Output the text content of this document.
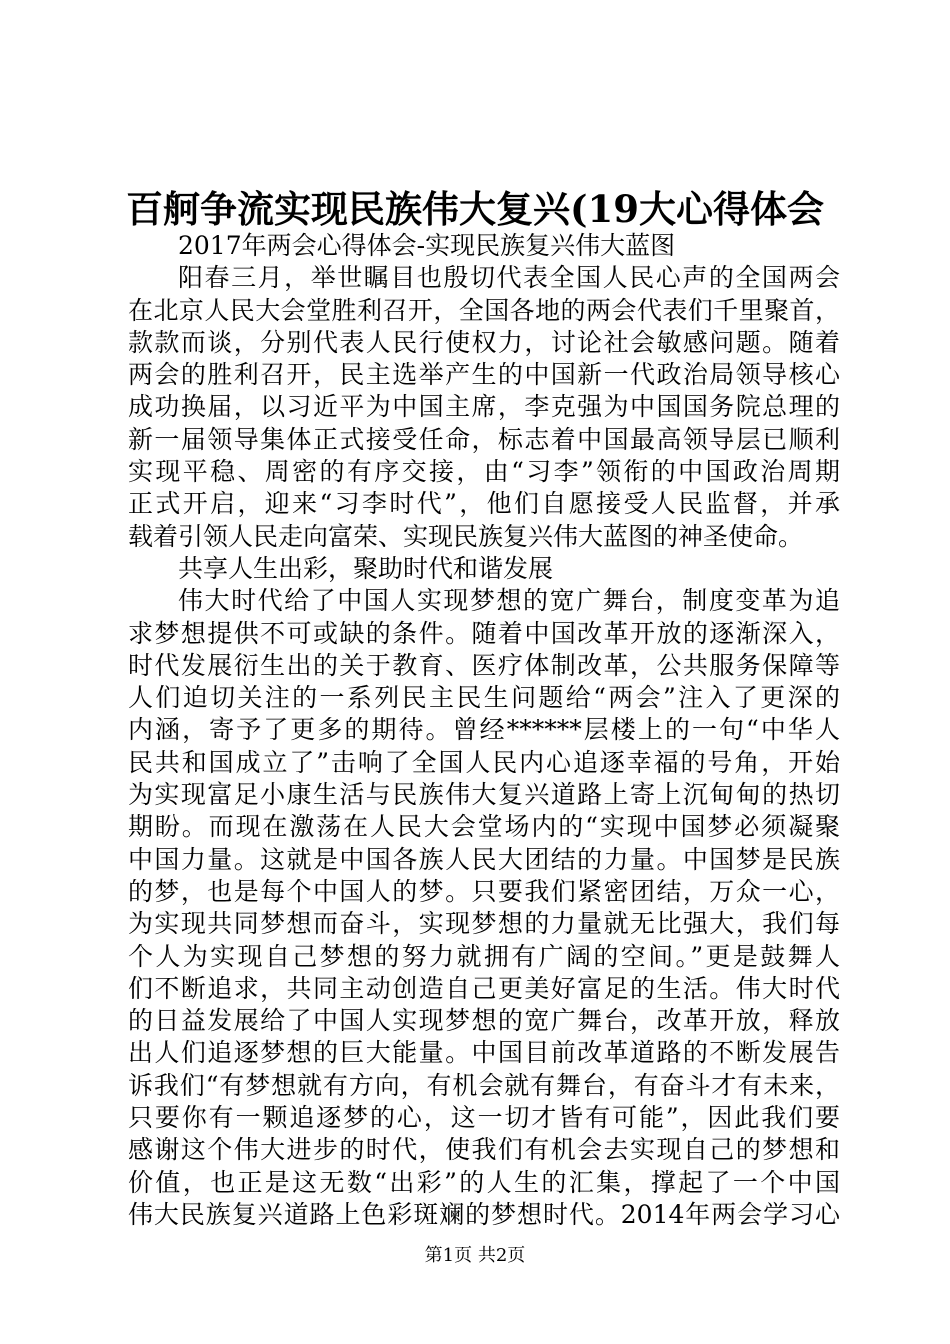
百舸争流实现民族伟大复兴(19大心得体会
2017年两会心得体会-实现民族复兴伟大蓝图
阳春三月，举世瞩目也殷切代表全国人民心声的全国两会
在北京人民大会堂胜利召开，全国各地的两会代表们千里聚首，
款款而谈，分别代表人民行使权力，讨论社会敏感问题。随着
两会的胜利召开，民主选举产生的中国新一代政治局领导核心
成功换届，以习近平为中国主席，李克强为中国国务院总理的
新一届领导集体正式接受任命，标志着中国最高领导层已顺利
实现平稳、周密的有序交接，由“习李”领衔的中国政治周期
正式开启，迎来“习李时代”，他们自愿接受人民监督，并承
载着引领人民走向富荣、实现民族复兴伟大蓝图的神圣使命。
共享人生出彩，聚助时代和谐发展
伟大时代给了中国人实现梦想的宽广舞台，制度变革为追
求梦想提供不可或缺的条件。随着中国改革开放的逐渐深入，
时代发展衍生出的关于教育、医疗体制改革，公共服务保障等
人们迫切关注的一系列民主民生问题给“两会”注入了更深的
内涵，寄予了更多的期待。曾经******层楼上的一句“中华人
民共和国成立了”击响了全国人民内心追逐幸福的号角，开始
为实现富足小康生活与民族伟大复兴道路上寄上沉甸甸的热切
期盼。而现在激荡在人民大会堂场内的“实现中国梦必须凝聚
中国力量。这就是中国各族人民大团结的力量。中国梦是民族
的梦，也是每个中国人的梦。只要我们紧密团结，万众一心，
为实现共同梦想而奋斗，实现梦想的力量就无比强大，我们每
个人为实现自己梦想的努力就拥有广阔的空间。”更是鼓舞人
们不断追求，共同主动创造自己更美好富足的生活。伟大时代
的日益发展给了中国人实现梦想的宽广舞台，改革开放，释放
出人们追逐梦想的巨大能量。中国目前改革道路的不断发展告
诉我们“有梦想就有方向，有机会就有舞台，有奋斗才有未来，
只要你有一颗追逐梦的心，这一切才皆有可能”，因此我们要
感谢这个伟大进步的时代，使我们有机会去实现自己的梦想和
价值，也正是这无数“出彩”的人生的汇集，撑起了一个中国
伟大民族复兴道路上色彩斑斓的梦想时代。2014年两会学习心
第1页 共2页
